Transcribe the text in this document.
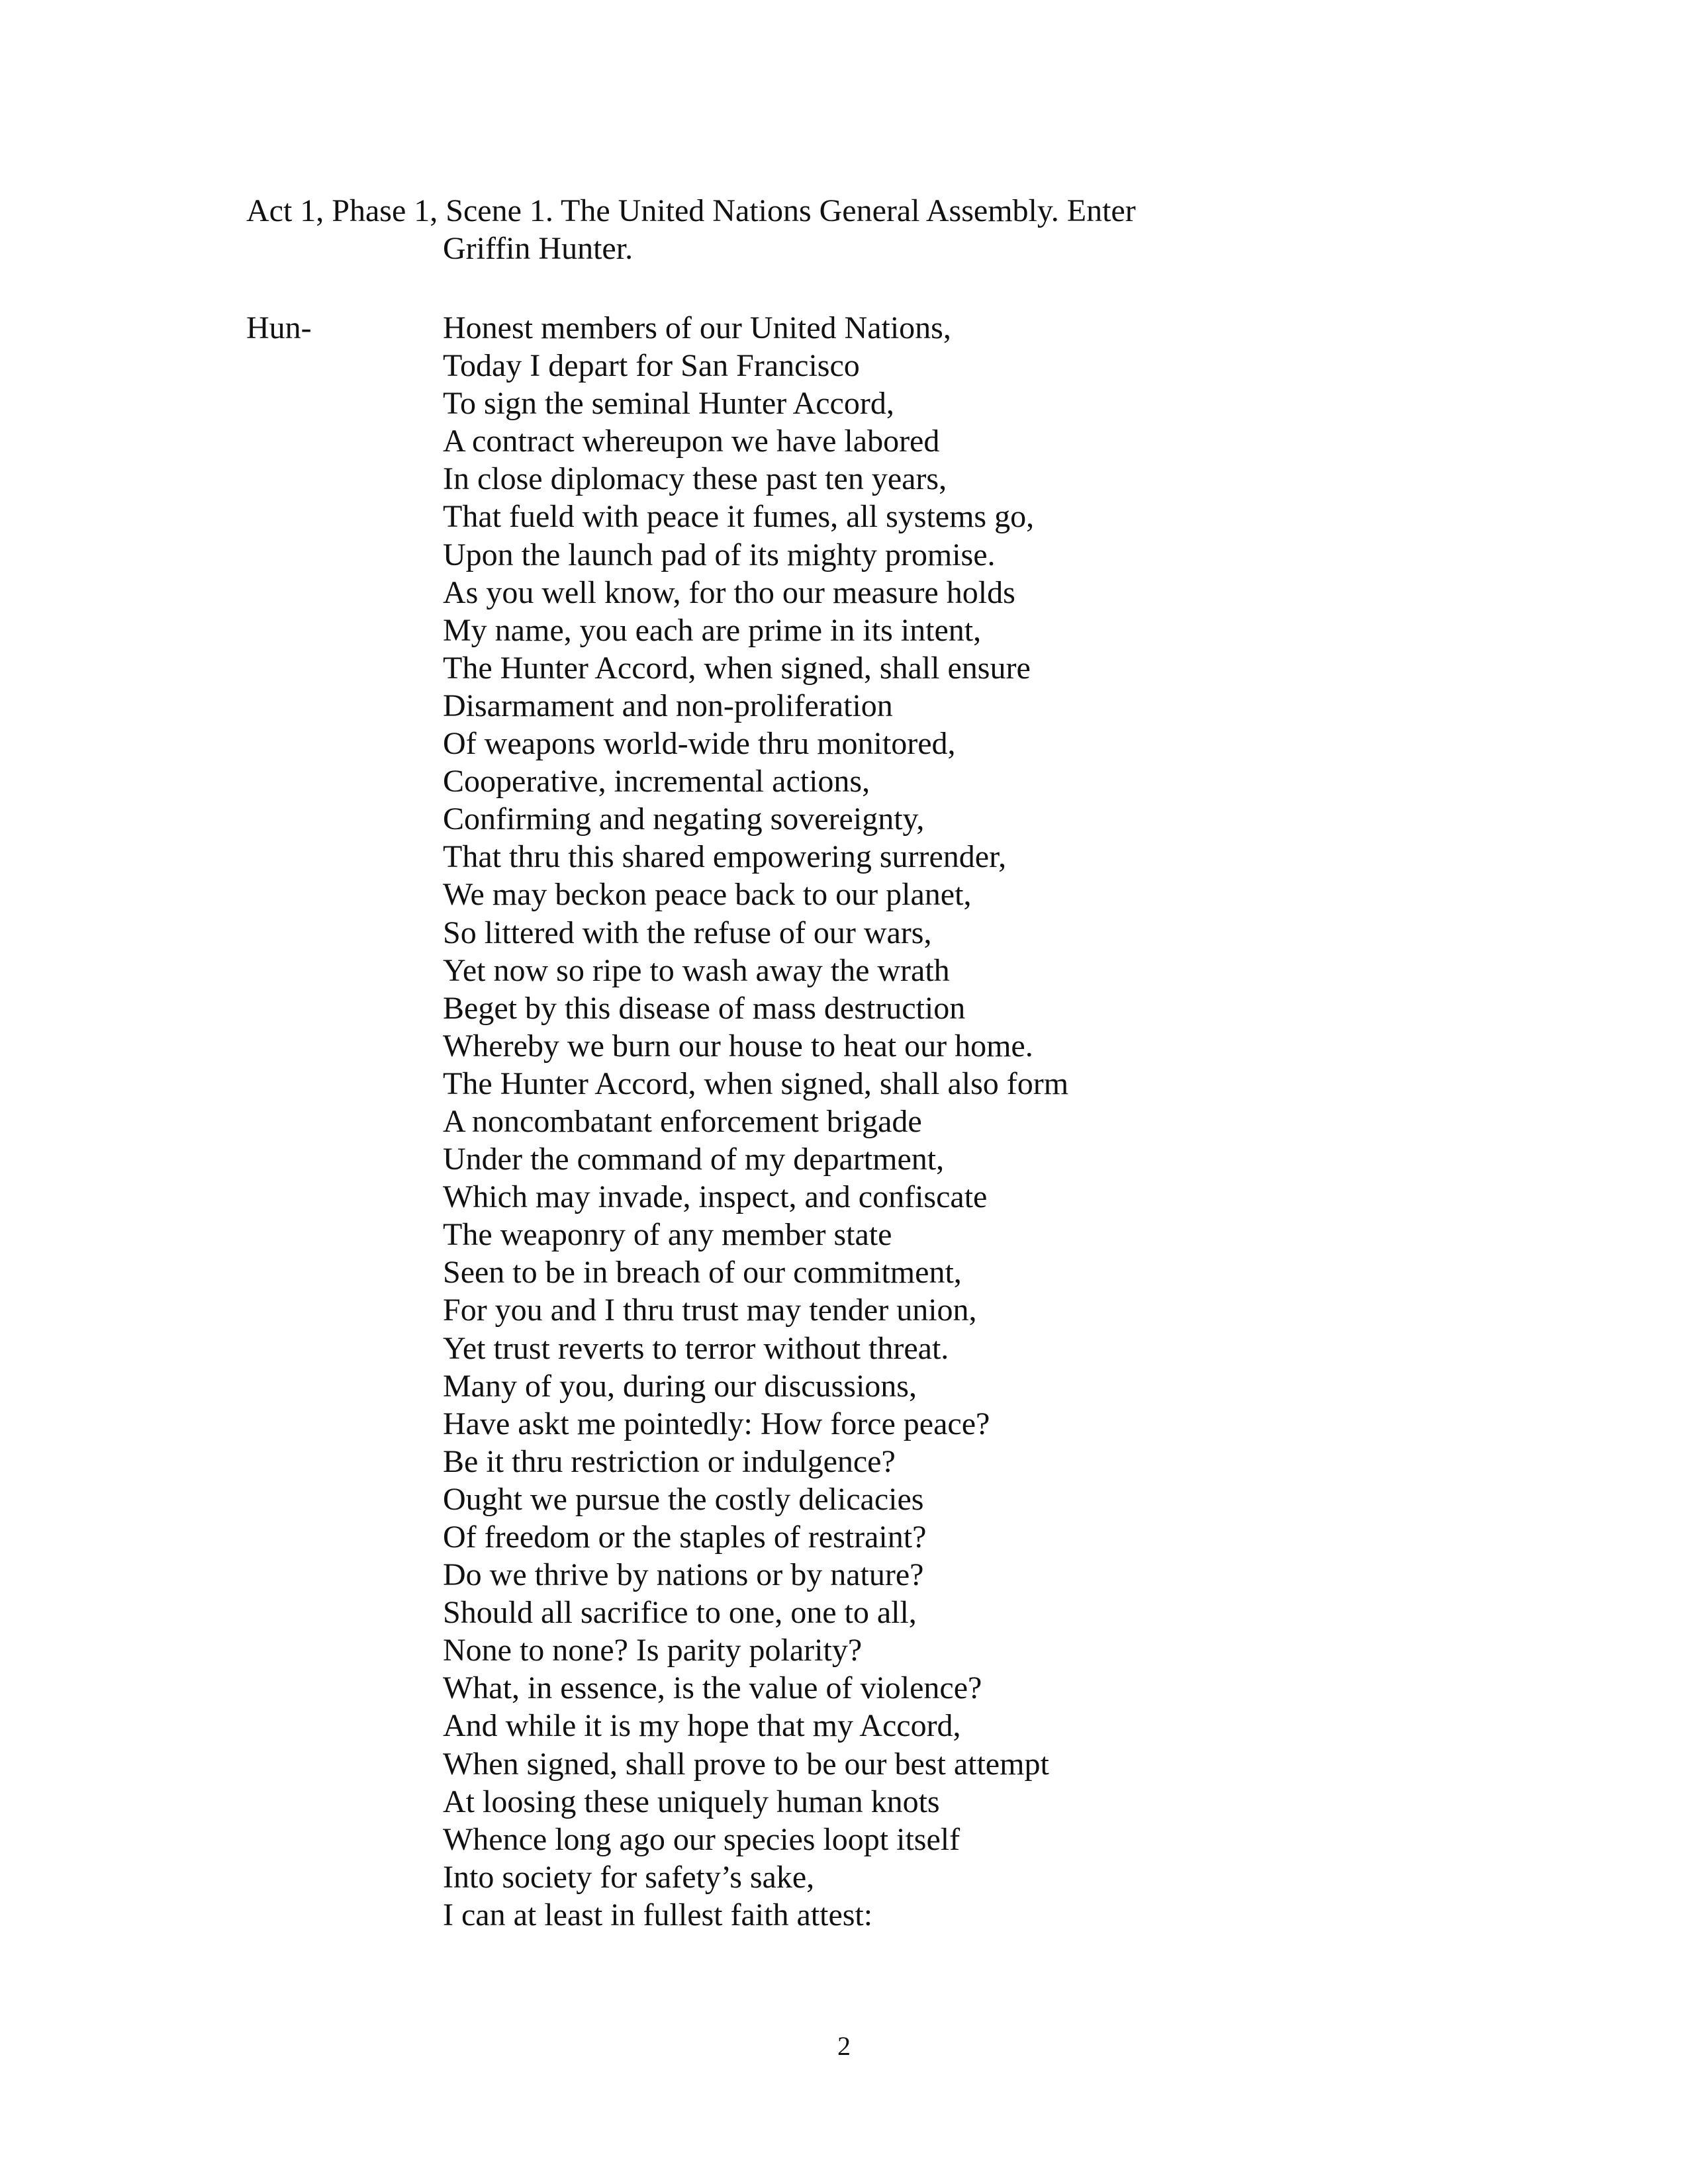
Act 1, Phase 1, Scene 1. The United Nations General Assembly. Enter
Griffin Hunter.
Hun-	Honest members of our United Nations,
Today I depart for San Francisco
To sign the seminal Hunter Accord,
A contract whereupon we have labored
In close diplomacy these past ten years,
That fueld with peace it fumes, all systems go,
Upon the launch pad of its mighty promise.
As you well know, for tho our measure holds
My name, you each are prime in its intent,
The Hunter Accord, when signed, shall ensure
Disarmament and non-proliferation
Of weapons world-wide thru monitored,
Cooperative, incremental actions,
Confirming and negating sovereignty,
That thru this shared empowering surrender,
We may beckon peace back to our planet,
So littered with the refuse of our wars,
Yet now so ripe to wash away the wrath
Beget by this disease of mass destruction
Whereby we burn our house to heat our home.
The Hunter Accord, when signed, shall also form
A noncombatant enforcement brigade
Under the command of my department,
Which may invade, inspect, and confiscate
The weaponry of any member state
Seen to be in breach of our commitment,
For you and I thru trust may tender union,
Yet trust reverts to terror without threat.
Many of you, during our discussions,
Have askt me pointedly: How force peace?
Be it thru restriction or indulgence?
Ought we pursue the costly delicacies
Of freedom or the staples of restraint?
Do we thrive by nations or by nature?
Should all sacrifice to one, one to all,
None to none? Is parity polarity?
What, in essence, is the value of violence?
And while it is my hope that my Accord,
When signed, shall prove to be our best attempt
At loosing these uniquely human knots
Whence long ago our species loopt itself
Into society for safety’s sake,
I can at least in fullest faith attest:
2
